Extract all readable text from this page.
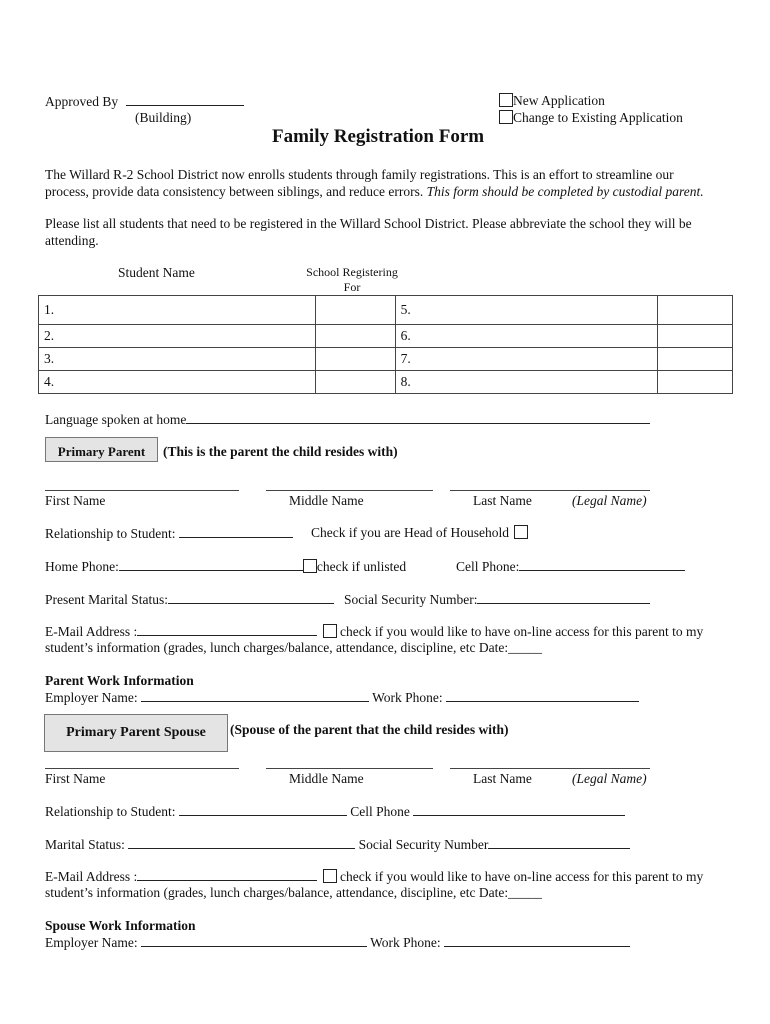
Approved By
(Building)
New Application
Change to Existing Application
Family Registration Form
The Willard R-2 School District now enrolls students through family registrations. This is an effort to streamline our
process, provide data consistency between siblings, and reduce errors. This form should be completed by custodial parent.
Please list all students that need to be registered in the Willard School District. Please abbreviate the school they will be attending.
Student Name	School Registering
For
1.		5.	
2.		6.	
3.		7.	
4.		8.	
Language spoken at home
Primary Parent	(This is the parent the child resides with)
First Name	Middle Name	Last Name	(Legal Name)
Relationship to Student:	Check if you are Head of Household
Home Phone:	check if unlisted	Cell Phone:
Present Marital Status:	Social Security Number:
E-Mail Address :	check if you would like to have on-line access for this parent to my
student’s information (grades, lunch charges/balance, attendance, discipline, etc Date:_____
Parent Work Information
Employer Name:	Work Phone:
Primary Parent Spouse	(Spouse of the parent that the child resides with)
First Name	Middle Name	Last Name	(Legal Name)
Relationship to Student:	Cell Phone
Marital Status:	Social Security Number
E-Mail Address :	check if you would like to have on-line access for this parent to my
student’s information (grades, lunch charges/balance, attendance, discipline, etc Date:_____
Spouse Work Information
Employer Name:	Work Phone:
